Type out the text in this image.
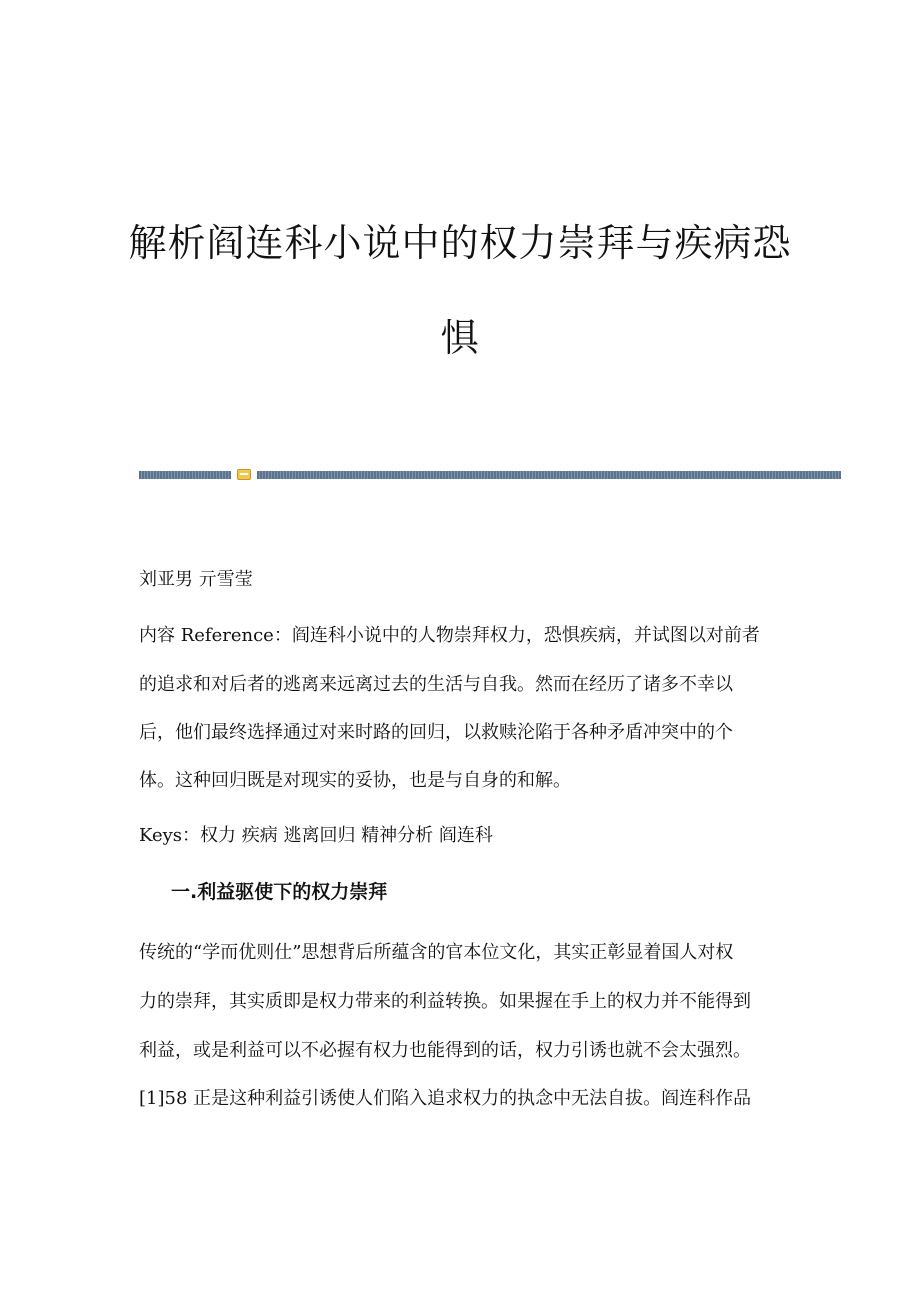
解析阎连科小说中的权力崇拜与疾病恐
惧
刘亚男 亓雪莹
内容 Reference：阎连科小说中的人物崇拜权力，恐惧疾病，并试图以对前者
的追求和对后者的逃离来远离过去的生活与自我。然而在经历了诸多不幸以
后，他们最终选择通过对来时路的回归，以救赎沦陷于各种矛盾冲突中的个
体。这种回归既是对现实的妥协，也是与自身的和解。
Keys：权力 疾病 逃离回归 精神分析 阎连科
一.利益驱使下的权力崇拜
传统的“学而优则仕”思想背后所蕴含的官本位文化，其实正彰显着国人对权
力的崇拜，其实质即是权力带来的利益转换。如果握在手上的权力并不能得到
利益，或是利益可以不必握有权力也能得到的话，权力引诱也就不会太强烈。
[1]58 正是这种利益引诱使人们陷入追求权力的执念中无法自拔。阎连科作品
